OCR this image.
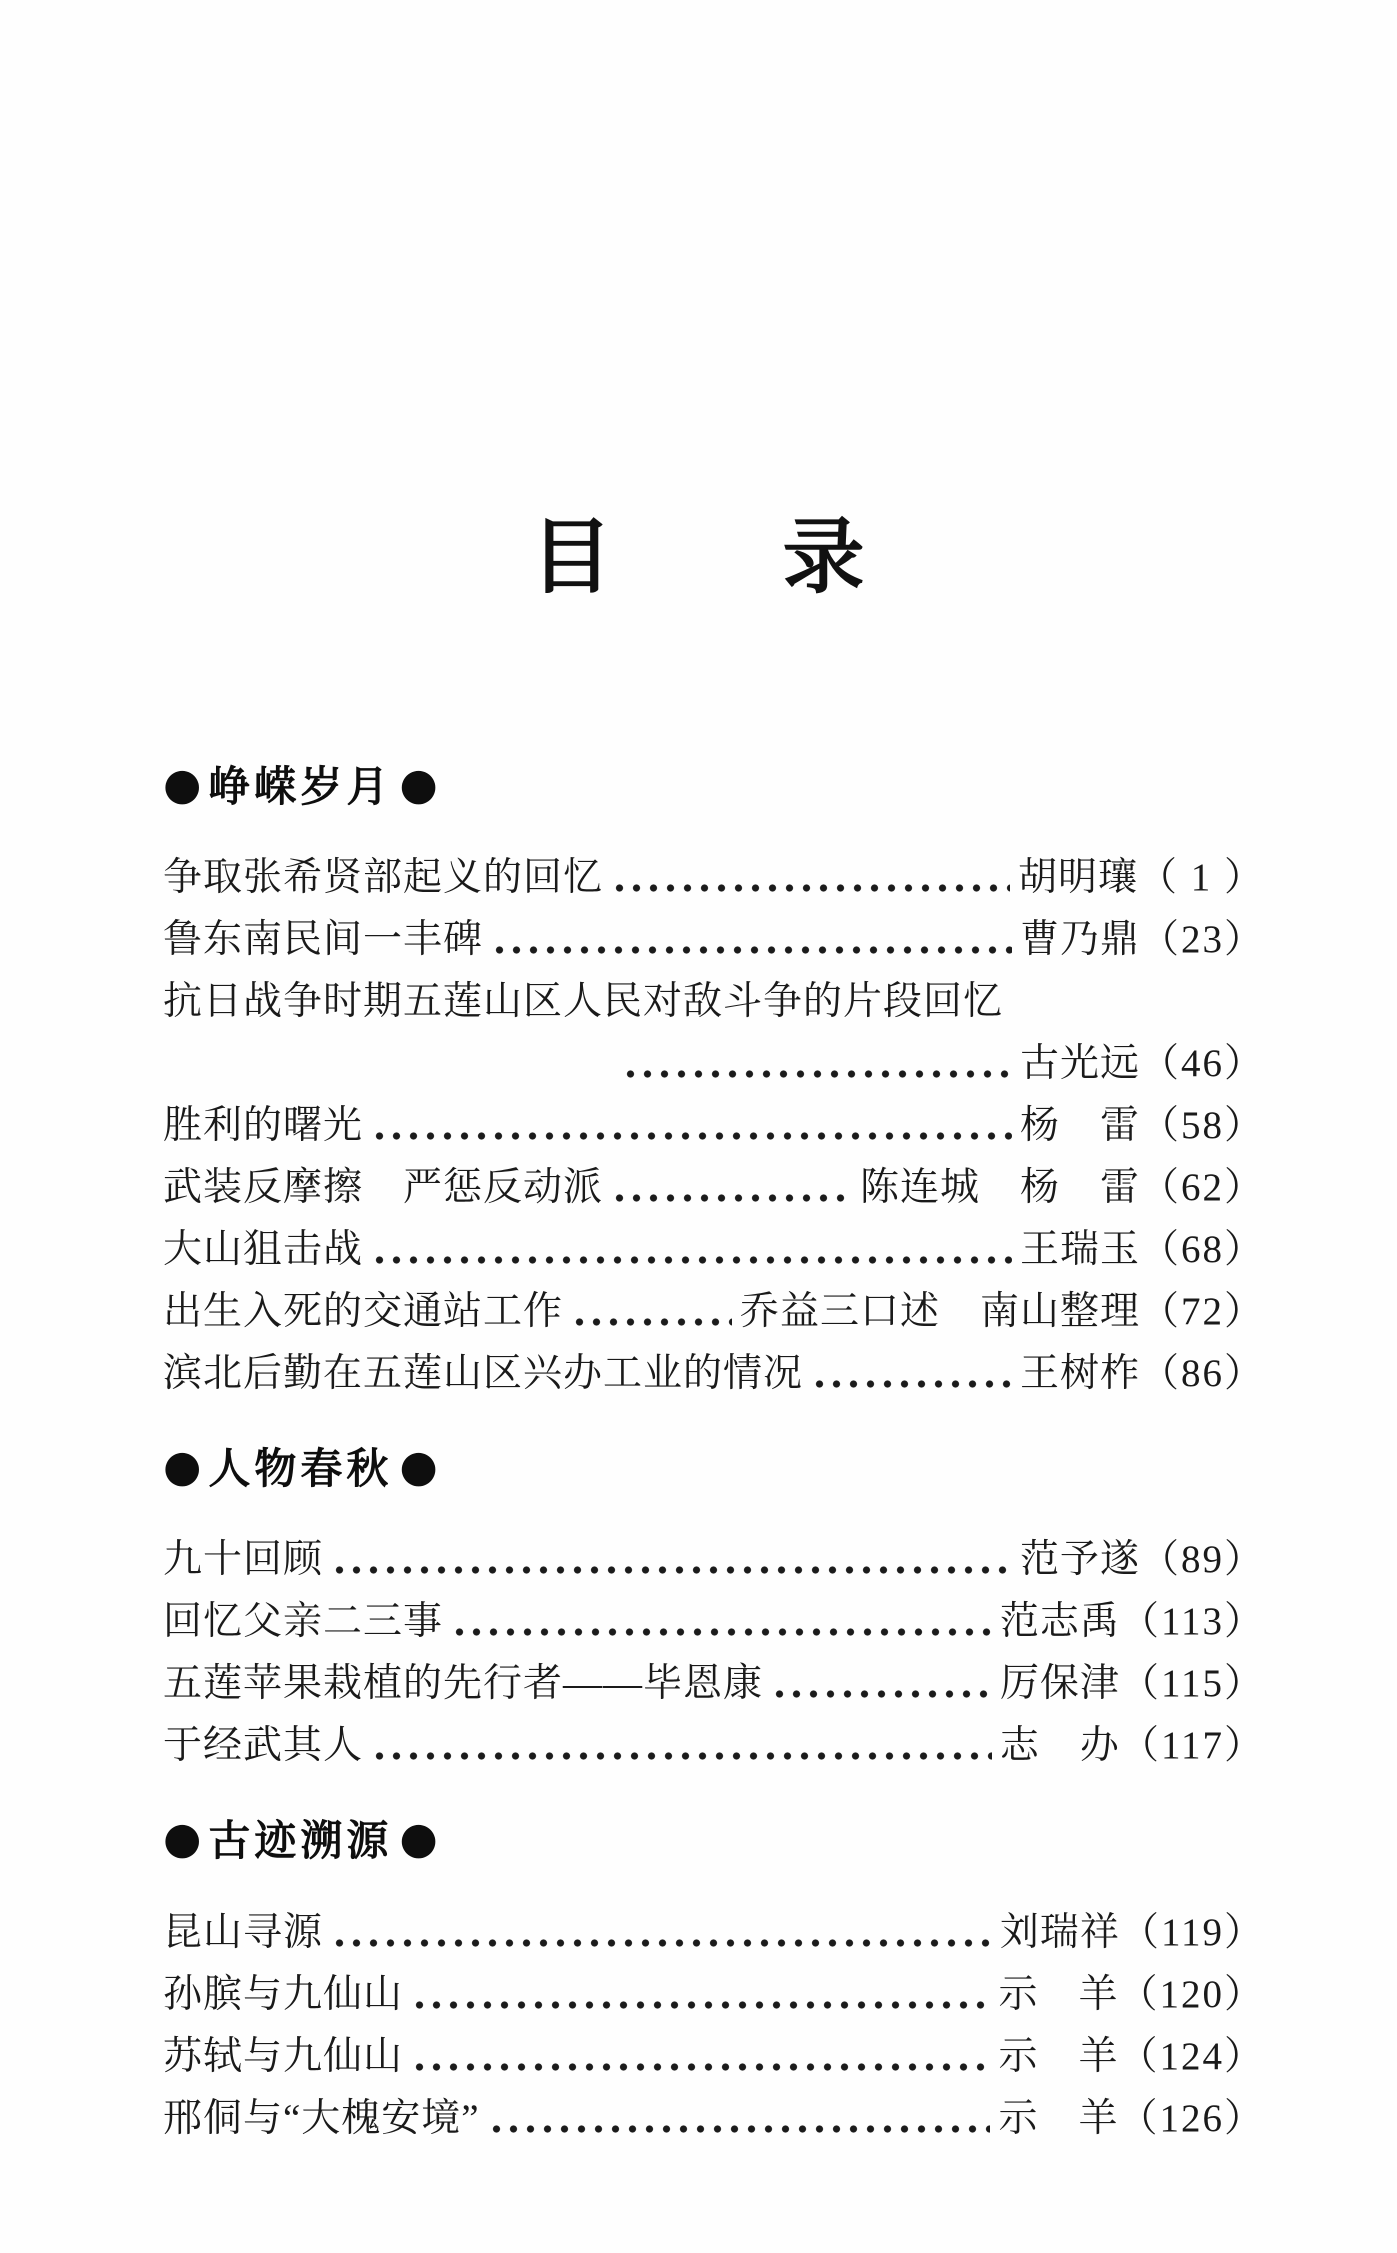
目　　录
● 峥嵘岁月 ●
争取张希贤部起义的回忆	胡明瓖 （ 1 ）
鲁东南民间一丰碑	曹乃鼎 （23）
抗日战争时期五莲山区人民对敌斗争的片段回忆
古光远 （46）
胜利的曙光	杨　雷 （58）
武装反摩擦　严惩反动派	陈连城　杨　雷 （62）
大山狙击战	王瑞玉 （68）
出生入死的交通站工作	乔益三口述　南山整理 （72）
滨北后勤在五莲山区兴办工业的情况	王树柞 （86）
● 人物春秋 ●
九十回顾	范予遂 （89）
回忆父亲二三事	范志禹 （113）
五莲苹果栽植的先行者——毕恩康	厉保津 （115）
于经武其人	志　办 （117）
● 古迹溯源 ●
昆山寻源	刘瑞祥 （119）
孙膑与九仙山	示　羊 （120）
苏轼与九仙山	示　羊 （124）
邢侗与“大槐安境”	示　羊 （126）
